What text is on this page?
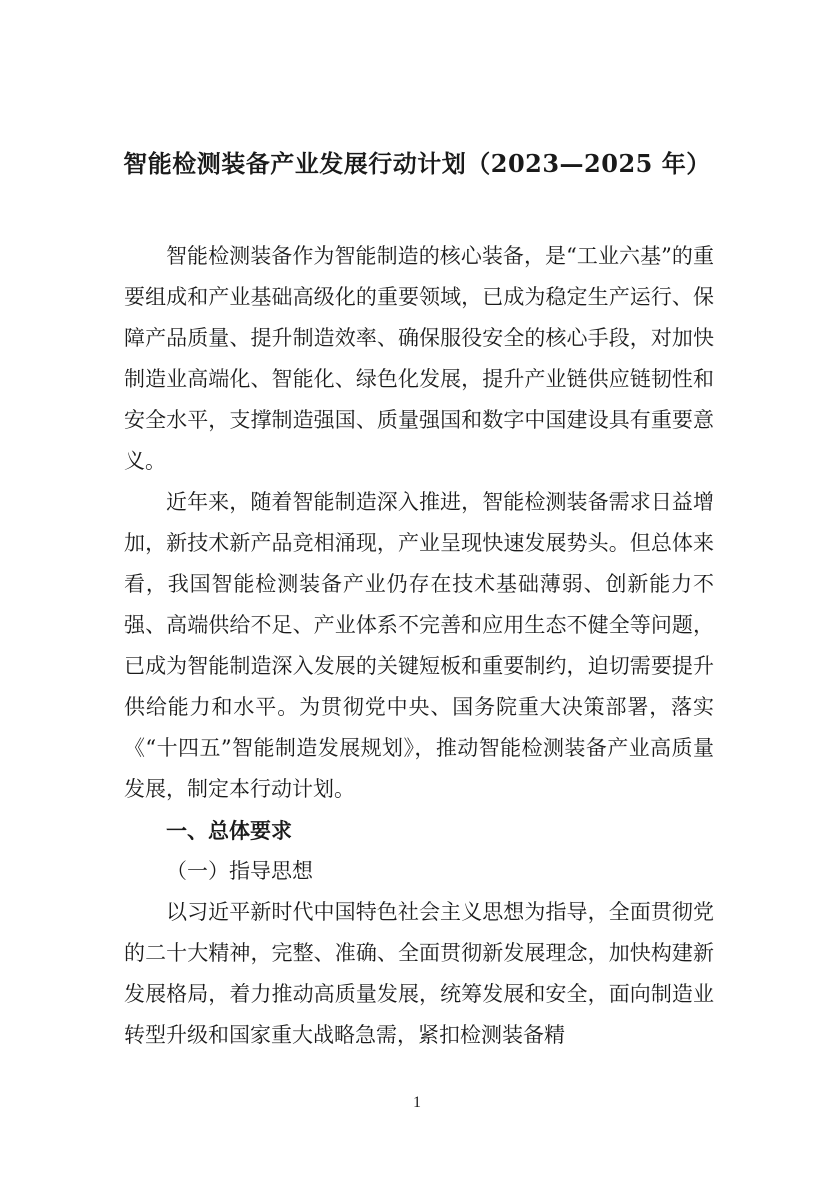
智能检测装备产业发展行动计划（2023—2025 年）

智能检测装备作为智能制造的核心装备，是“工业六基”的重要组成和产业基础高级化的重要领域，已成为稳定生产运行、保障产品质量、提升制造效率、确保服役安全的核心手段，对加快制造业高端化、智能化、绿色化发展，提升产业链供应链韧性和安全水平，支撑制造强国、质量强国和数字中国建设具有重要意义。

近年来，随着智能制造深入推进，智能检测装备需求日益增加，新技术新产品竞相涌现，产业呈现快速发展势头。但总体来看，我国智能检测装备产业仍存在技术基础薄弱、创新能力不强、高端供给不足、产业体系不完善和应用生态不健全等问题，已成为智能制造深入发展的关键短板和重要制约，迫切需要提升供给能力和水平。为贯彻党中央、国务院重大决策部署，落实《“十四五”智能制造发展规划》，推动智能检测装备产业高质量发展，制定本行动计划。

一、总体要求

（一）指导思想

以习近平新时代中国特色社会主义思想为指导，全面贯彻党的二十大精神，完整、准确、全面贯彻新发展理念，加快构建新发展格局，着力推动高质量发展，统筹发展和安全，面向制造业转型升级和国家重大战略急需，紧扣检测装备精

1
